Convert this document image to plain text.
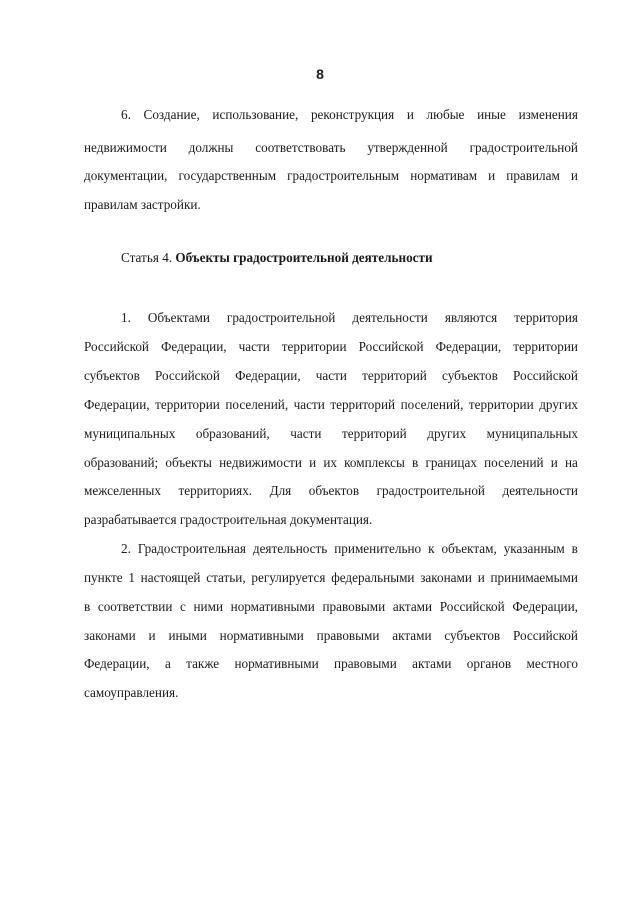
8
6. Создание, использование, реконструкция и любые иные изменения
недвижимости должны соответствовать утвержденной градостроительной
документации, государственным градостроительным нормативам и правилам и
правилам застройки.
Статья 4. Объекты градостроительной деятельности
1. Объектами градостроительной деятельности являются территория
Российской Федерации, части территории Российской Федерации, территории
субъектов Российской Федерации, части территорий субъектов Российской
Федерации, территории поселений, части территорий поселений, территории других
муниципальных образований, части территорий других муниципальных
образований; объекты недвижимости и их комплексы в границах поселений и на
межселенных территориях. Для объектов градостроительной деятельности
разрабатывается градостроительная документация.
2. Градостроительная деятельность применительно к объектам, указанным в
пункте 1 настоящей статьи, регулируется федеральными законами и принимаемыми
в соответствии с ними нормативными правовыми актами Российской Федерации,
законами и иными нормативными правовыми актами субъектов Российской
Федерации, а также нормативными правовыми актами органов местного
самоуправления.
